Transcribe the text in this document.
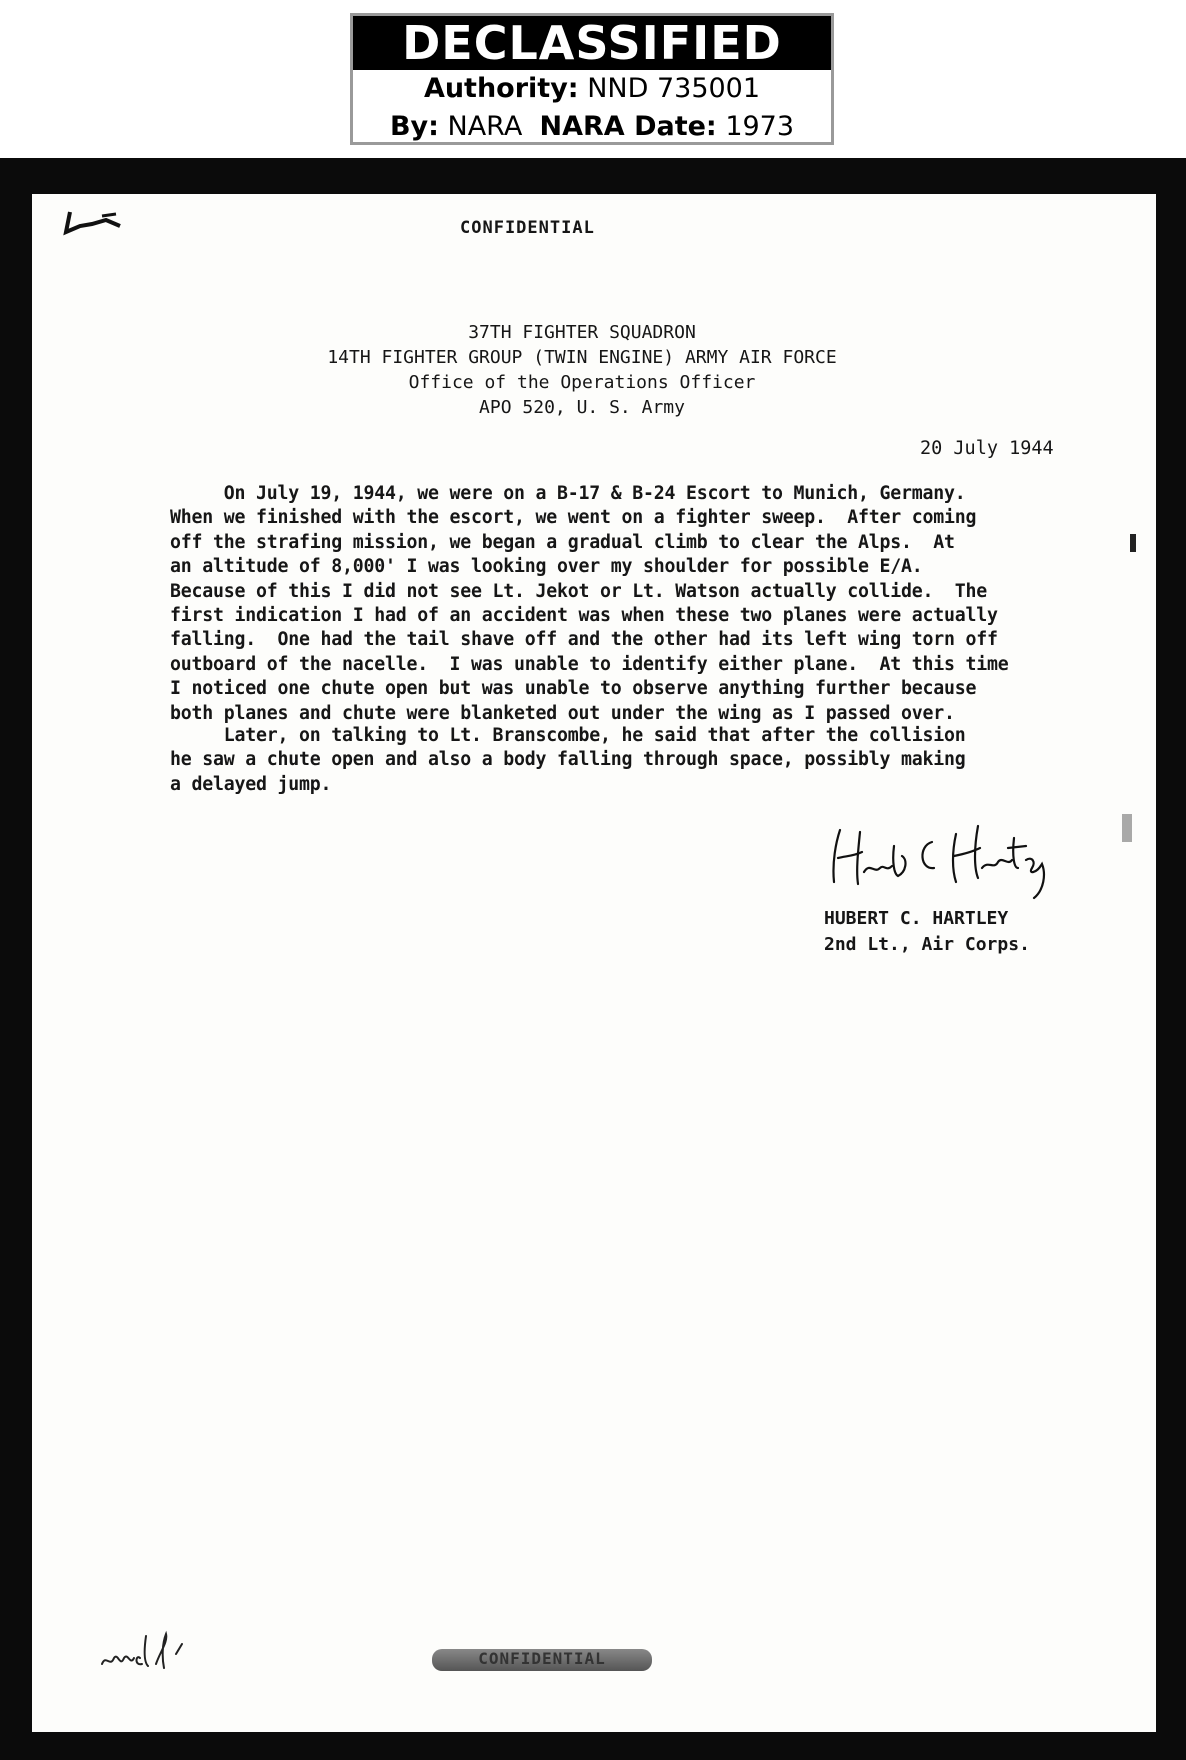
DECLASSIFIED
Authority: NND 735001
By: NARA NARA Date: 1973
CONFIDENTIAL
37TH FIGHTER SQUADRON
14TH FIGHTER GROUP (TWIN ENGINE) ARMY AIR FORCE
Office of the Operations Officer
APO 520, U. S. Army
20 July 1944
On July 19, 1944, we were on a B-17 & B-24 Escort to Munich, Germany.
When we finished with the escort, we went on a fighter sweep.  After coming
off the strafing mission, we began a gradual climb to clear the Alps.  At
an altitude of 8,000' I was looking over my shoulder for possible E/A.
Because of this I did not see Lt. Jekot or Lt. Watson actually collide.  The
first indication I had of an accident was when these two planes were actually
falling.  One had the tail shave off and the other had its left wing torn off
outboard of the nacelle.  I was unable to identify either plane.  At this time
I noticed one chute open but was unable to observe anything further because
both planes and chute were blanketed out under the wing as I passed over.
Later, on talking to Lt. Branscombe, he said that after the collision
he saw a chute open and also a body falling through space, possibly making
a delayed jump.
HUBERT C. HARTLEY
2nd Lt., Air Corps.
CONFIDENTIAL
